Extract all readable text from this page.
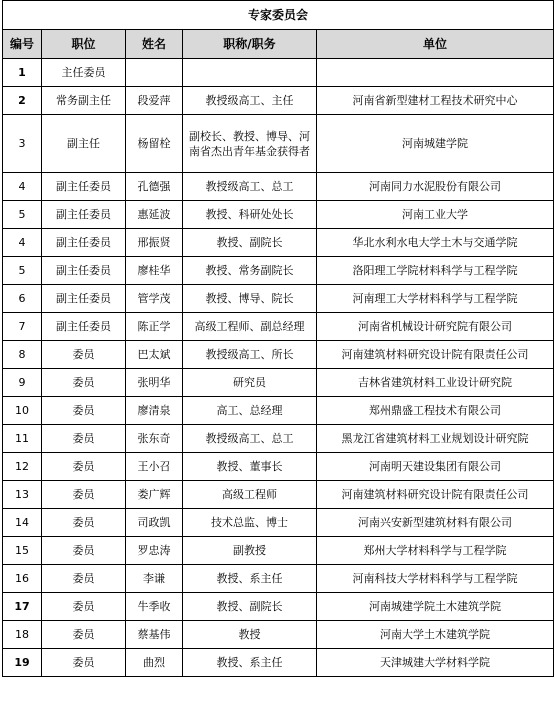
专家委员会				
编号	职位	姓名	职称/职务	单位
1	主任委员			
2	常务副主任	段爱萍	教授级高工、主任	河南省新型建材工程技术研究中心
3	副主任	杨留栓	副校长、教授、博导、河南省杰出青年基金获得者	河南城建学院
4	副主任委员	孔德强	教授级高工、总工	河南同力水泥股份有限公司
5	副主任委员	惠延波	教授、科研处处长	河南工业大学
4	副主任委员	邢振贤	教授、副院长	华北水利水电大学土木与交通学院
5	副主任委员	廖桂华	教授、常务副院长	洛阳理工学院材料科学与工程学院
6	副主任委员	管学茂	教授、博导、院长	河南理工大学材料科学与工程学院
7	副主任委员	陈正学	高级工程师、副总经理	河南省机械设计研究院有限公司
8	委员	巴太斌	教授级高工、所长	河南建筑材料研究设计院有限责任公司
9	委员	张明华	研究员	吉林省建筑材料工业设计研究院
10	委员	廖清泉	高工、总经理	郑州鼎盛工程技术有限公司
11	委员	张东奇	教授级高工、总工	黑龙江省建筑材料工业规划设计研究院
12	委员	王小召	教授、董事长	河南明天建设集团有限公司
13	委员	娄广辉	高级工程师	河南建筑材料研究设计院有限责任公司
14	委员	司政凯	技术总监、博士	河南兴安新型建筑材料有限公司
15	委员	罗忠涛	副教授	郑州大学材料科学与工程学院
16	委员	李谦	教授、系主任	河南科技大学材料科学与工程学院
17	委员	牛季收	教授、副院长	河南城建学院土木建筑学院
18	委员	蔡基伟	教授	河南大学土木建筑学院
19	委员	曲烈	教授、系主任	天津城建大学材料学院
